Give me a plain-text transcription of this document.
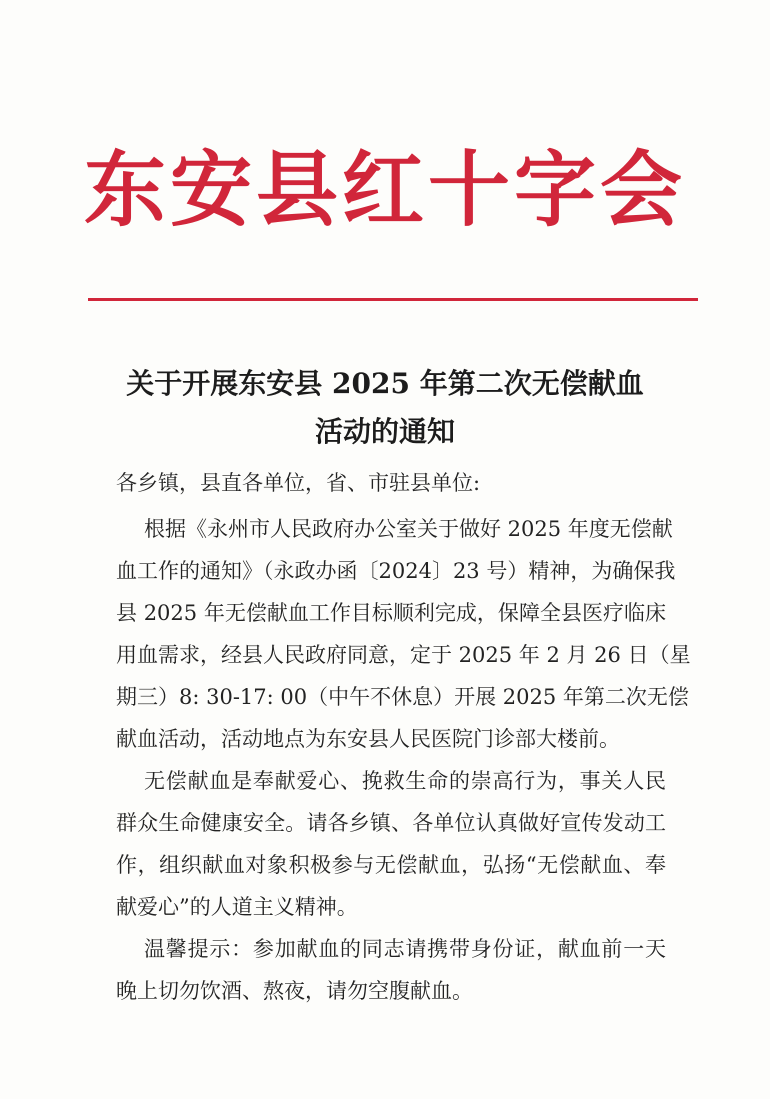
东安县红十字会
关于开展东安县 2025 年第二次无偿献血
活动的通知
各乡镇，县直各单位，省、市驻县单位:
根据《永州市人民政府办公室关于做好 2025 年度无偿献
血工作的通知》（永政办函〔2024〕23 号）精神，为确保我
县 2025 年无偿献血工作目标顺利完成，保障全县医疗临床
用血需求，经县人民政府同意，定于 2025 年 2 月 26 日（星
期三）8: 30-17: 00（中午不休息）开展 2025 年第二次无偿
献血活动，活动地点为东安县人民医院门诊部大楼前。
无偿献血是奉献爱心、挽救生命的崇高行为，事关人民
群众生命健康安全。请各乡镇、各单位认真做好宣传发动工
作，组织献血对象积极参与无偿献血，弘扬“无偿献血、奉
献爱心”的人道主义精神。
温馨提示：参加献血的同志请携带身份证，献血前一天
晚上切勿饮酒、熬夜，请勿空腹献血。
